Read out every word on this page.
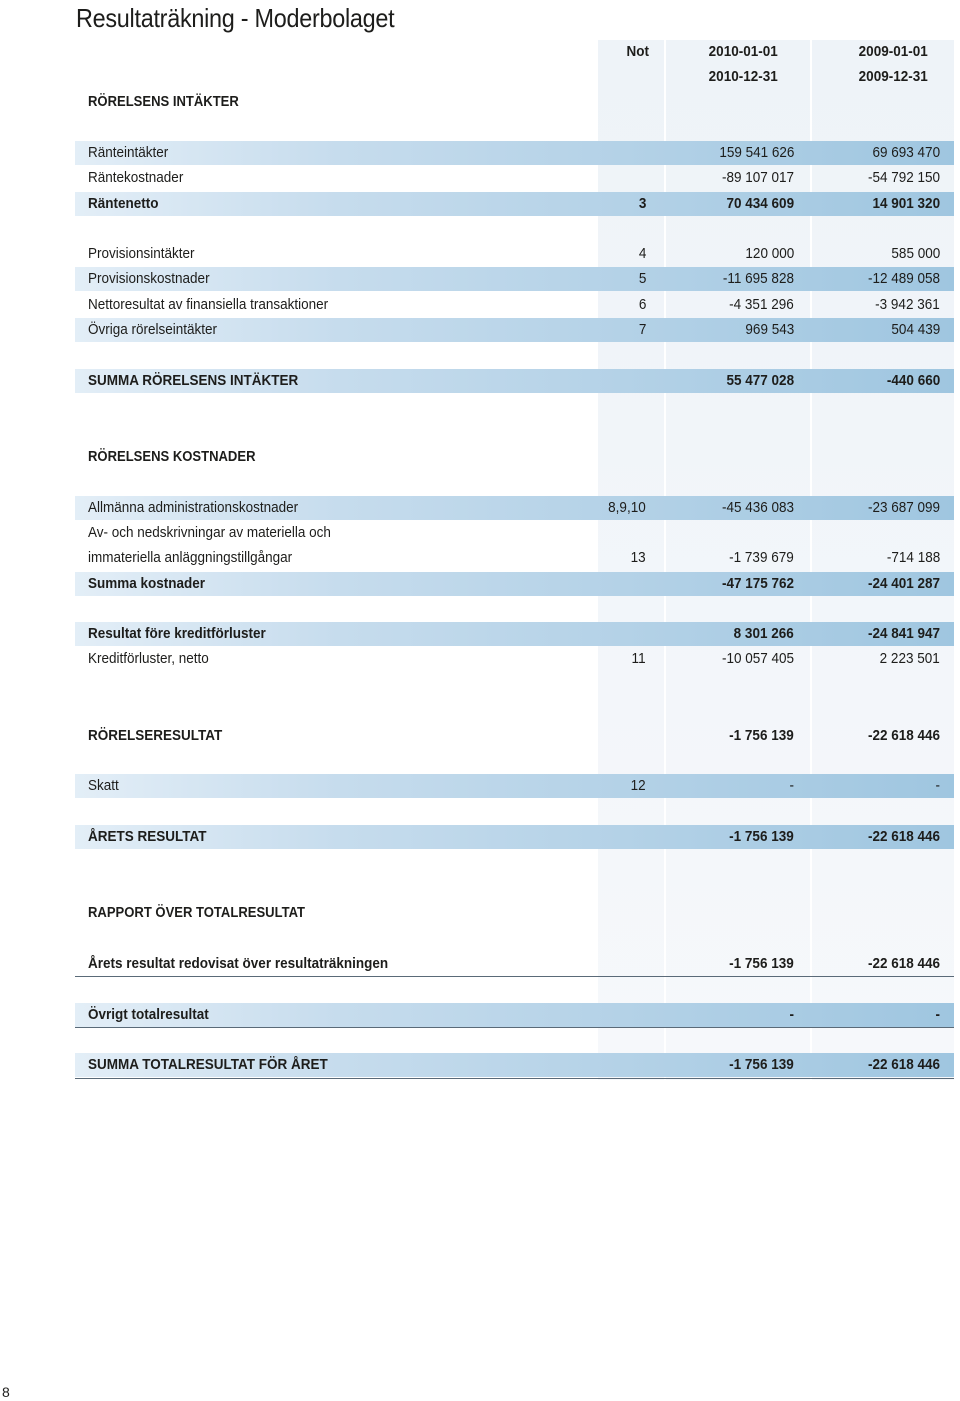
Resultaträkning - Moderbolaget
Not	2010-01-01	2009-01-01
2010-12-31	2009-12-31
RÖRELSENS INTÄKTER
RÖRELSENS KOSTNADER
RAPPORT ÖVER TOTALRESULTAT
Ränteintäkter	159 541 626	69 693 470
Räntekostnader	-89 107 017	-54 792 150
Räntenetto	3	70 434 609	14 901 320
Provisionsintäkter	4	120 000	585 000
Provisionskostnader	5	-11 695 828	-12 489 058
Nettoresultat av finansiella transaktioner	6	-4 351 296	-3 942 361
Övriga rörelseintäkter	7	969 543	504 439
SUMMA RÖRELSENS INTÄKTER	55 477 028	-440 660
Allmänna administrationskostnader	8,9,10	-45 436 083	-23 687 099
Av- och nedskrivningar av materiella och
immateriella anläggningstillgångar	13	-1 739 679	-714 188
Summa kostnader	-47 175 762	-24 401 287
Resultat före kreditförluster	8 301 266	-24 841 947
Kreditförluster, netto	11	-10 057 405	2 223 501
RÖRELSERESULTAT	-1 756 139	-22 618 446
Skatt	12	-	-
ÅRETS RESULTAT	-1 756 139	-22 618 446
Årets resultat redovisat över resultaträkningen	-1 756 139	-22 618 446
Övrigt totalresultat	-	-
SUMMA TOTALRESULTAT FÖR ÅRET	-1 756 139	-22 618 446
8
